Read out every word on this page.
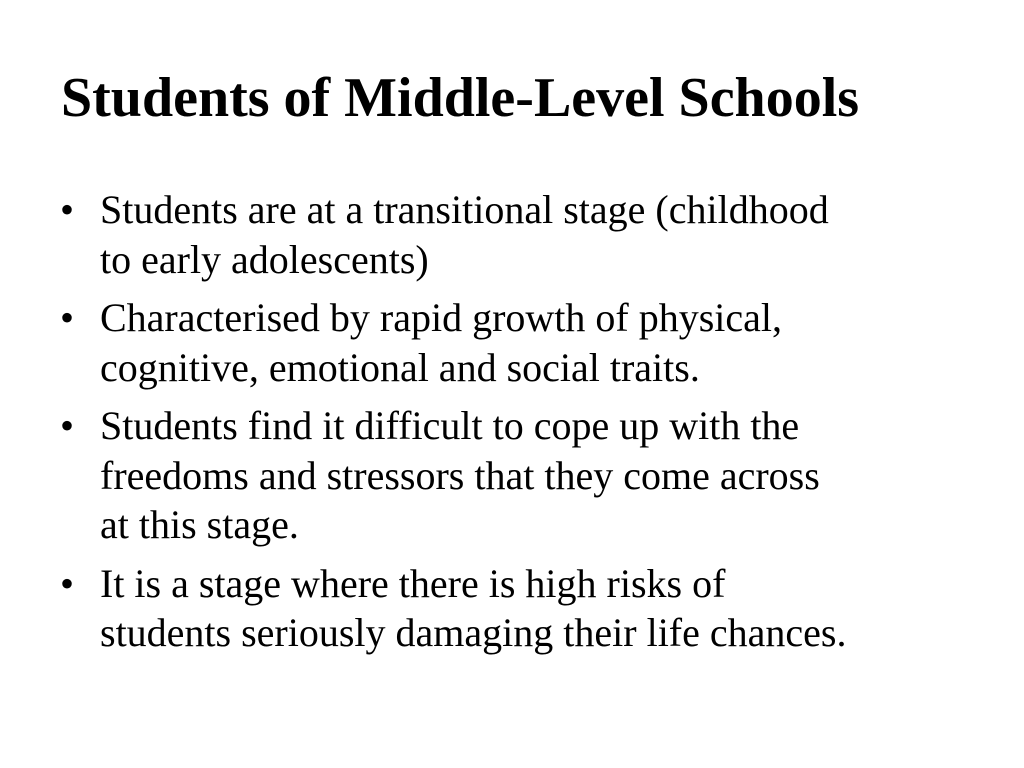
Students of Middle-Level Schools
• Students are at a transitional stage (childhood
to early adolescents)
• Characterised by rapid growth of physical,
cognitive, emotional and social traits.
• Students find it difficult to cope up with the
freedoms and stressors that they come across
at this stage.
• It is a stage where there is high risks of
students seriously damaging their life chances.
